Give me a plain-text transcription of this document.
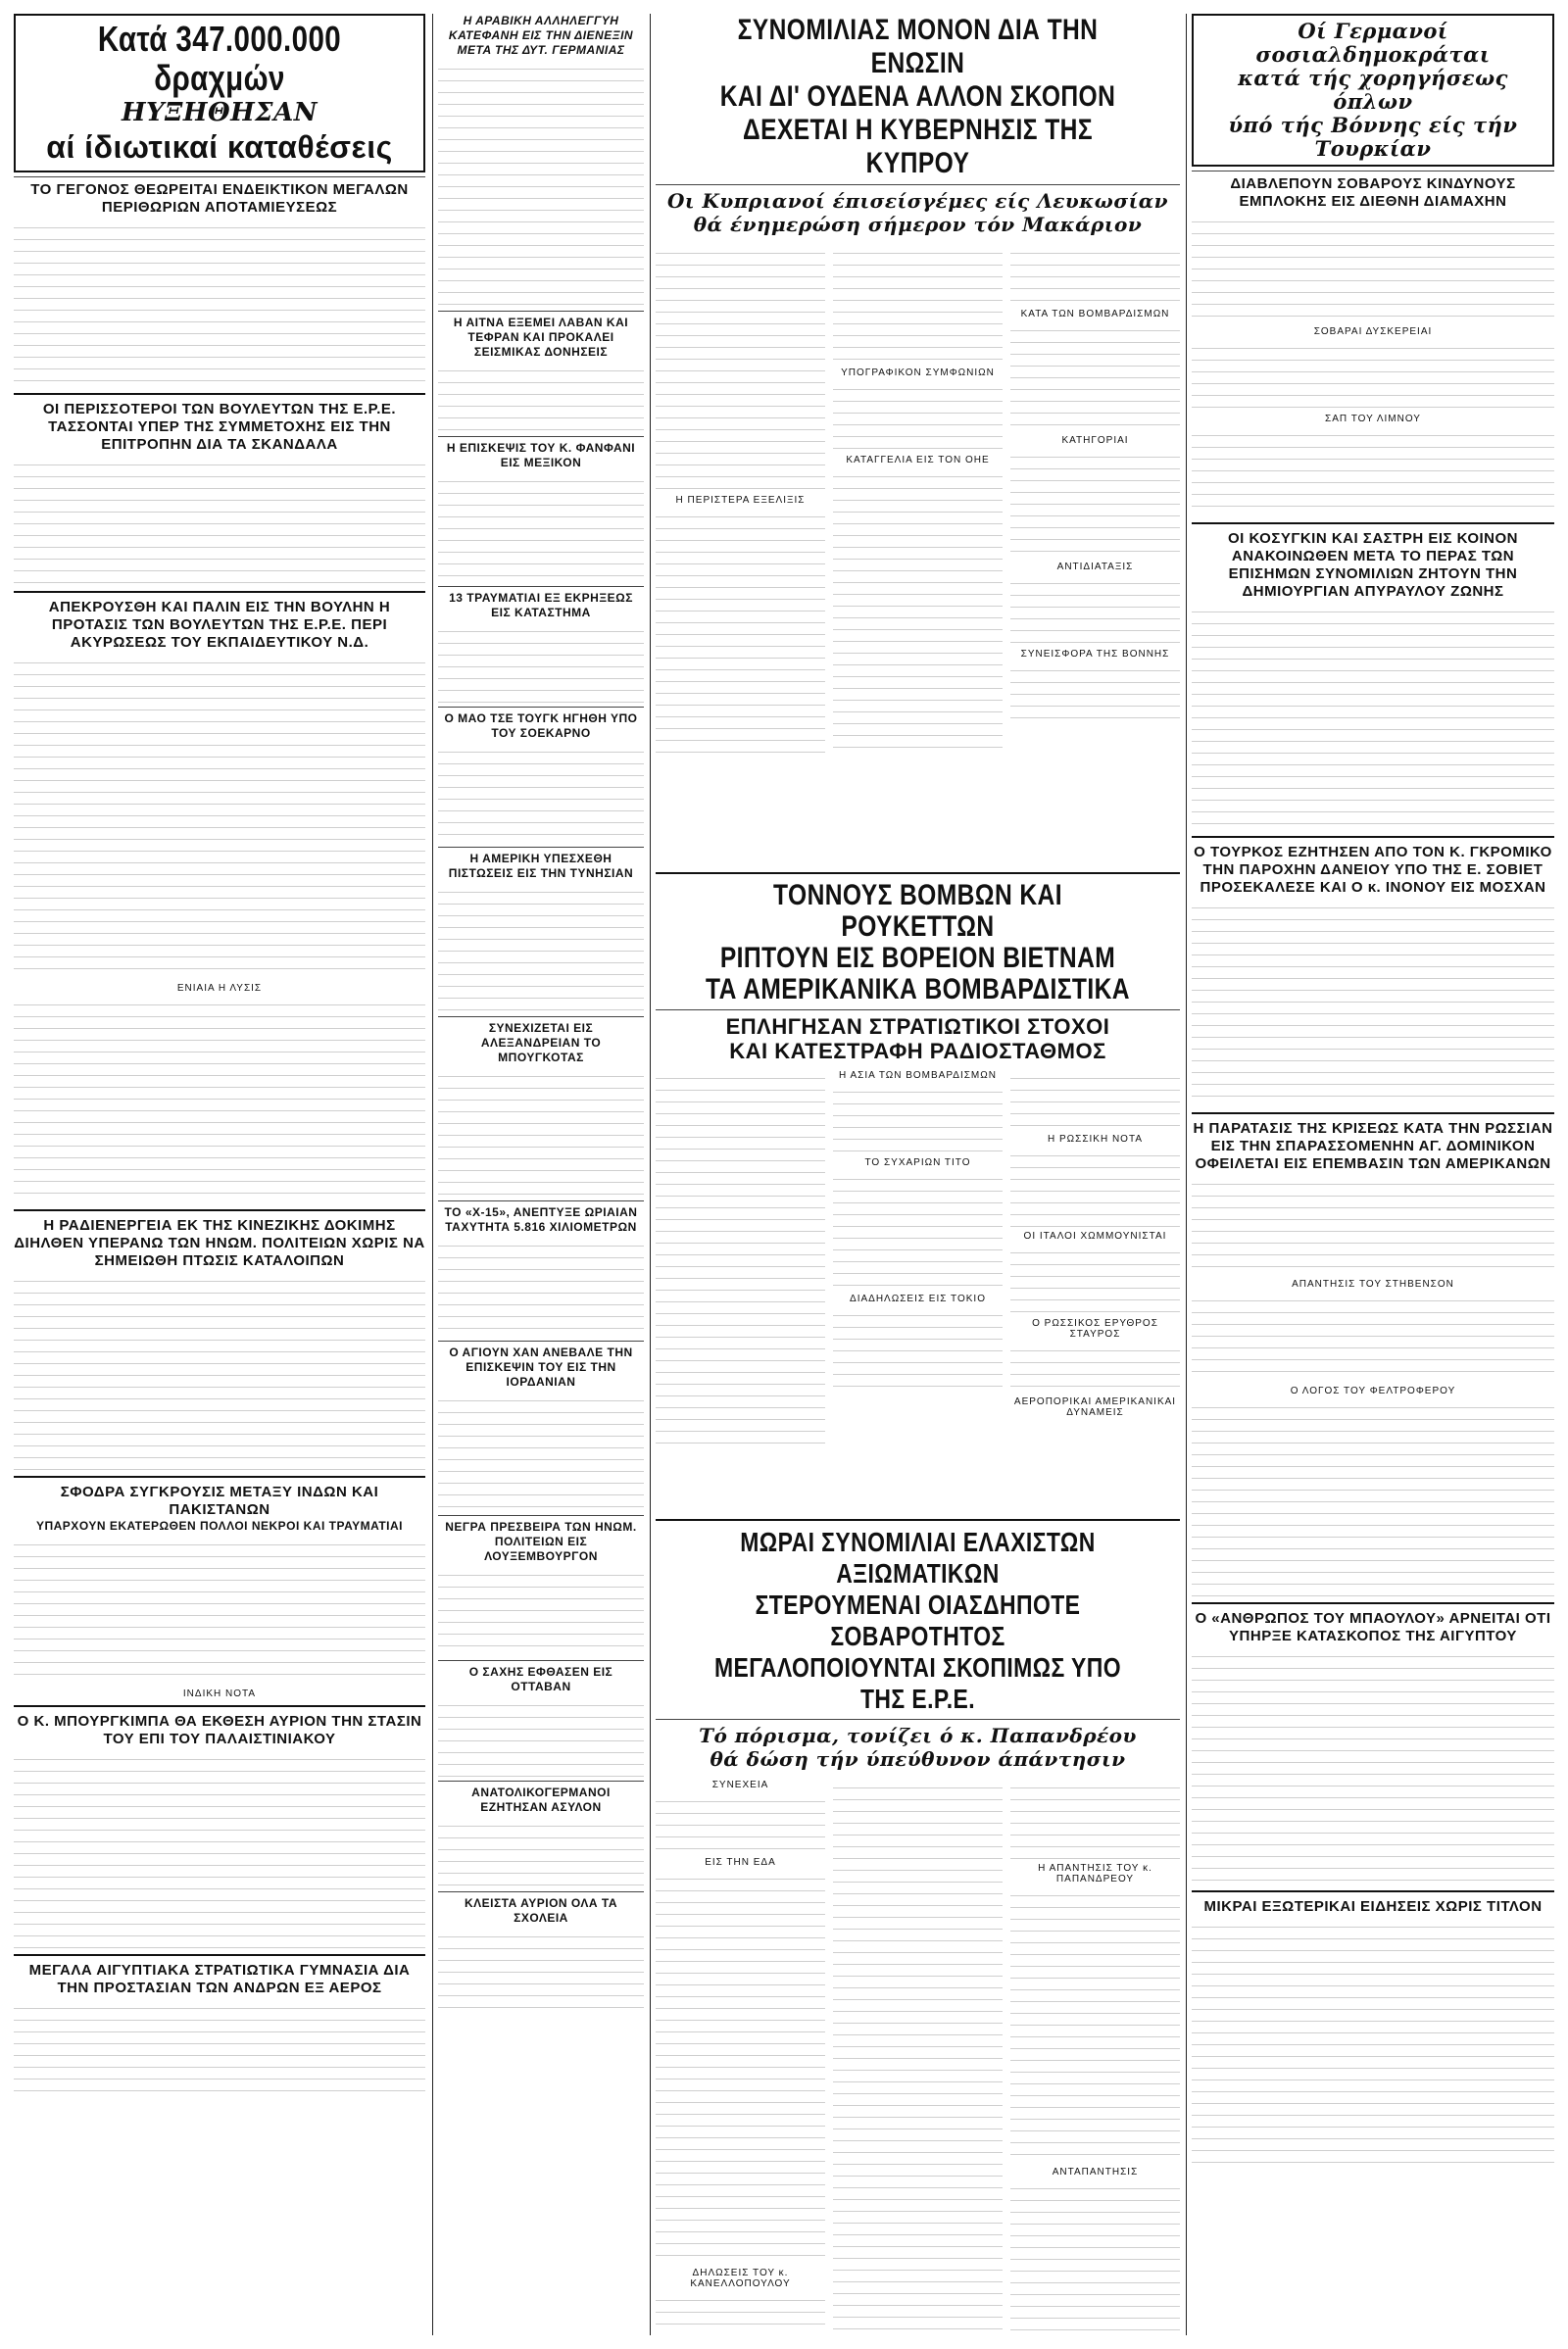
Κατά 347.000.000 δραχμών
ΗΥΞΗΘΗΣΑΝ
αί ίδιωτικαί καταθέσεις
ΤΟ ΓΕΓΟΝΟΣ ΘΕΩΡΕΙΤΑΙ ΕΝΔΕΙΚΤΙΚΟΝ ΜΕΓΑΛΩΝ ΠΕΡΙΘΩΡΙΩΝ ΑΠΟΤΑΜΙΕΥΣΕΩΣ
ΟΙ ΠΕΡΙΣΣΟΤΕΡΟΙ ΤΩΝ ΒΟΥΛΕΥΤΩΝ ΤΗΣ Ε.Ρ.Ε. ΤΑΣΣΟΝΤΑΙ ΥΠΕΡ ΤΗΣ ΣΥΜΜΕΤΟΧΗΣ ΕΙΣ ΤΗΝ ΕΠΙΤΡΟΠΗΝ ΔΙΑ ΤΑ ΣΚΑΝΔΑΛΑ
ΑΠΕΚΡΟΥΣΘΗ ΚΑΙ ΠΑΛΙΝ ΕΙΣ ΤΗΝ ΒΟΥΛΗΝ Η ΠΡΟΤΑΣΙΣ ΤΩΝ ΒΟΥΛΕΥΤΩΝ ΤΗΣ Ε.Ρ.Ε. ΠΕΡΙ ΑΚΥΡΩΣΕΩΣ ΤΟΥ ΕΚΠΑΙΔΕΥΤΙΚΟΥ Ν.Δ.
ΕΝΙΑΙΑ Η ΛΥΣΙΣ
Η ΡΑΔΙΕΝΕΡΓΕΙΑ ΕΚ ΤΗΣ ΚΙΝΕΖΙΚΗΣ ΔΟΚΙΜΗΣ ΔΙΗΛΘΕΝ ΥΠΕΡΑΝΩ ΤΩΝ ΗΝΩΜ. ΠΟΛΙΤΕΙΩΝ ΧΩΡΙΣ ΝΑ ΣΗΜΕΙΩΘΗ ΠΤΩΣΙΣ ΚΑΤΑΛΟΙΠΩΝ
ΣΦΟΔΡΑ ΣΥΓΚΡΟΥΣΙΣ ΜΕΤΑΞΥ ΙΝΔΩΝ ΚΑΙ ΠΑΚΙΣΤΑΝΩΝ
ΥΠΑΡΧΟΥΝ ΕΚΑΤΕΡΩΘΕΝ ΠΟΛΛΟΙ ΝΕΚΡΟΙ ΚΑΙ ΤΡΑΥΜΑΤΙΑΙ
ΙΝΔΙΚΗ ΝΟΤΑ
Ο Κ. ΜΠΟΥΡΓΚΙΜΠΑ ΘΑ ΕΚΘΕΣΗ ΑΥΡΙΟΝ ΤΗΝ ΣΤΑΣΙΝ ΤΟΥ ΕΠΙ ΤΟΥ ΠΑΛΑΙΣΤΙΝΙΑΚΟΥ
ΜΕΓΑΛΑ ΑΙΓΥΠΤΙΑΚΑ ΣΤΡΑΤΙΩΤΙΚΑ ΓΥΜΝΑΣΙΑ ΔΙΑ ΤΗΝ ΠΡΟΣΤΑΣΙΑΝ ΤΩΝ ΑΝΔΡΩΝ ΕΞ ΑΕΡΟΣ
Η ΑΡΑΒΙΚΗ ΑΛΛΗΛΕΓΓΥΗ ΚΑΤΕΦΑΝΗ ΕΙΣ ΤΗΝ ΔΙΕΝΕΞΙΝ ΜΕΤΑ ΤΗΣ ΔΥΤ. ΓΕΡΜΑΝΙΑΣ
Η ΑΙΤΝΑ ΕΞΕΜΕΙ ΛΑΒΑΝ ΚΑΙ ΤΕΦΡΑΝ ΚΑΙ ΠΡΟΚΑΛΕΙ ΣΕΙΣΜΙΚΑΣ ΔΟΝΗΣΕΙΣ
Η ΕΠΙΣΚΕΨΙΣ ΤΟΥ Κ. ΦΑΝΦΑΝΙ ΕΙΣ ΜΕΞΙΚΟΝ
13 ΤΡΑΥΜΑΤΙΑΙ ΕΞ ΕΚΡΗΞΕΩΣ ΕΙΣ ΚΑΤΑΣΤΗΜΑ
Ο ΜΑΟ ΤΣΕ ΤΟΥΓΚ ΗΓΗΘΗ ΥΠΟ ΤΟΥ ΣΟΕΚΑΡΝΟ
Η ΑΜΕΡΙΚΗ ΥΠΕΣΧΕΘΗ ΠΙΣΤΩΣΕΙΣ ΕΙΣ ΤΗΝ ΤΥΝΗΣΙΑΝ
ΣΥΝΕΧΙΖΕΤΑΙ ΕΙΣ ΑΛΕΞΑΝΔΡΕΙΑΝ ΤΟ ΜΠΟΥΓΚΟΤΑΣ
ΤΟ «Χ-15», ΑΝΕΠΤΥΞΕ ΩΡΙΑΙΑΝ ΤΑΧΥΤΗΤΑ 5.816 ΧΙΛΙΟΜΕΤΡΩΝ
Ο ΑΓΙΟΥΝ ΧΑΝ ΑΝΕΒΑΛΕ ΤΗΝ ΕΠΙΣΚΕΨΙΝ ΤΟΥ ΕΙΣ ΤΗΝ ΙΟΡΔΑΝΙΑΝ
ΝΕΓΡΑ ΠΡΕΣΒΕΙΡΑ ΤΩΝ ΗΝΩΜ. ΠΟΛΙΤΕΙΩΝ ΕΙΣ ΛΟΥΞΕΜΒΟΥΡΓΟΝ
Ο ΣΑΧΗΣ ΕΦΘΑΣΕΝ ΕΙΣ ΟΤΤΑΒΑΝ
ΑΝΑΤΟΛΙΚΟΓΕΡΜΑΝΟΙ ΕΖΗΤΗΣΑΝ ΑΣΥΛΟΝ
ΚΛΕΙΣΤΑ ΑΥΡΙΟΝ ΟΛΑ ΤΑ ΣΧΟΛΕΙΑ
ΣΥΝΟΜΙΛΙΑΣ ΜΟΝΟΝ ΔΙΑ ΤΗΝ ΕΝΩΣΙΝ
ΚΑΙ ΔΙ' ΟΥΔΕΝΑ ΑΛΛΟΝ ΣΚΟΠΟΝ
ΔΕΧΕΤΑΙ Η ΚΥΒΕΡΝΗΣΙΣ ΤΗΣ ΚΥΠΡΟΥ
Οι Κυπριανοί έπισείσγέμες είς Λευκωσίαν
θά ένημερώση σήμερον τόν Μακάριον
Η ΠΕΡΙΣΤΕΡΑ ΕΞΕΛΙΞΙΣ
ΥΠΟΓΡΑΦΙΚΟΝ ΣΥΜΦΩΝΙΩΝ
ΚΑΤΑΓΓΕΛΙΑ ΕΙΣ ΤΟΝ ΟΗΕ
ΚΑΤΑ ΤΩΝ ΒΟΜΒΑΡΔΙΣΜΩΝ
ΚΑΤΗΓΟΡΙΑΙ
ΑΝΤΙΔΙΑΤΑΞΙΣ
ΣΥΝΕΙΣΦΟΡΑ ΤΗΣ ΒΟΝΝΗΣ
ΤΟΝΝΟΥΣ ΒΟΜΒΩΝ ΚΑΙ ΡΟΥΚΕΤΤΩΝ
ΡΙΠΤΟΥΝ ΕΙΣ ΒΟΡΕΙΟΝ ΒΙΕΤΝΑΜ
ΤΑ ΑΜΕΡΙΚΑΝΙΚΑ ΒΟΜΒΑΡΔΙΣΤΙΚΑ
ΕΠΛΗΓΗΣΑΝ ΣΤΡΑΤΙΩΤΙΚΟΙ ΣΤΟΧΟΙ
ΚΑΙ ΚΑΤΕΣΤΡΑΦΗ ΡΑΔΙΟΣΤΑΘΜΟΣ
Η ΑΣΙΑ ΤΩΝ ΒΟΜΒΑΡΔΙΣΜΩΝ
ΤΟ ΣΥΧΑΡΙΩΝ ΤΙΤΟ
ΔΙΑΔΗΛΩΣΕΙΣ ΕΙΣ ΤΟΚΙΟ
Η ΡΩΣΣΙΚΗ ΝΟΤΑ
ΟΙ ΙΤΑΛΟΙ ΧΩΜΜΟΥΝΙΣΤΑΙ
Ο ΡΩΣΣΙΚΟΣ ΕΡΥΘΡΟΣ ΣΤΑΥΡΟΣ
ΑΕΡΟΠΟΡΙΚΑΙ ΑΜΕΡΙΚΑΝΙΚΑΙ ΔΥΝΑΜΕΙΣ
ΜΩΡΑΙ ΣΥΝΟΜΙΛΙΑΙ ΕΛΑΧΙΣΤΩΝ ΑΞΙΩΜΑΤΙΚΩΝ
ΣΤΕΡΟΥΜΕΝΑΙ ΟΙΑΣΔΗΠΟΤΕ ΣΟΒΑΡΟΤΗΤΟΣ
ΜΕΓΑΛΟΠΟΙΟΥΝΤΑΙ ΣΚΟΠΙΜΩΣ ΥΠΟ ΤΗΣ Ε.Ρ.Ε.
Τό πόρισμα, τονίζει ό κ. Παπανδρέου
θά δώση τήν ύπεύθυνον άπάντησιν
ΣΥΝΕΧΕΙΑ
ΕΙΣ ΤΗΝ ΕΔΑ
ΔΗΛΩΣΕΙΣ ΤΟΥ κ. ΚΑΝΕΛΛΟΠΟΥΛΟΥ
Η ΑΠΑΝΤΗΣΙΣ ΤΟΥ κ. ΠΑΠΑΝΔΡΕΟΥ
ΑΝΤΑΠΑΝΤΗΣΙΣ
Οί Γερμανοί σοσιαλδημοκράται
κατά τής χορηγήσεως όπλων
ύπό τής Βόννης είς τήν Τουρκίαν
ΔΙΑΒΛΕΠΟΥΝ ΣΟΒΑΡΟΥΣ ΚΙΝΔΥΝΟΥΣ ΕΜΠΛΟΚΗΣ ΕΙΣ ΔΙΕΘΝΗ ΔΙΑΜΑΧΗΝ
ΣΟΒΑΡΑΙ ΔΥΣΚΕΡΕΙΑΙ
ΣΑΠ ΤΟΥ ΛΙΜΝΟΥ
ΟΙ ΚΟΣΥΓΚΙΝ ΚΑΙ ΣΑΣΤΡΗ ΕΙΣ ΚΟΙΝΟΝ ΑΝΑΚΟΙΝΩΘΕΝ ΜΕΤΑ ΤΟ ΠΕΡΑΣ ΤΩΝ ΕΠΙΣΗΜΩΝ ΣΥΝΟΜΙΛΙΩΝ ΖΗΤΟΥΝ ΤΗΝ ΔΗΜΙΟΥΡΓΙΑΝ ΑΠΥΡΑΥΛΟΥ ΖΩΝΗΣ
Ο ΤΟΥΡΚΟΣ ΕΖΗΤΗΣΕΝ ΑΠΟ ΤΟΝ Κ. ΓΚΡΟΜΙΚΟ ΤΗΝ ΠΑΡΟΧΗΝ ΔΑΝΕΙΟΥ ΥΠΟ ΤΗΣ Ε. ΣΟΒΙΕΤ ΠΡΟΣΕΚΑΛΕΣΕ ΚΑΙ Ο κ. ΙΝΟΝΟΥ ΕΙΣ ΜΟΣΧΑΝ
Η ΠΑΡΑΤΑΣΙΣ ΤΗΣ ΚΡΙΣΕΩΣ ΚΑΤΑ ΤΗΝ ΡΩΣΣΙΑΝ ΕΙΣ ΤΗΝ ΣΠΑΡΑΣΣΟΜΕΝΗΝ ΑΓ. ΔΟΜΙΝΙΚΟΝ ΟΦΕΙΛΕΤΑΙ ΕΙΣ ΕΠΕΜΒΑΣΙΝ ΤΩΝ ΑΜΕΡΙΚΑΝΩΝ
ΑΠΑΝΤΗΣΙΣ ΤΟΥ ΣΤΗΒΕΝΣΟΝ
Ο ΛΟΓΟΣ ΤΟΥ ΦΕΛΤΡΟΦΕΡΟΥ
Ο «ΑΝΘΡΩΠΟΣ ΤΟΥ ΜΠΑΟΥΛΟΥ» ΑΡΝΕΙΤΑΙ ΟΤΙ ΥΠΗΡΞΕ ΚΑΤΑΣΚΟΠΟΣ ΤΗΣ ΑΙΓΥΠΤΟΥ
ΜΙΚΡΑΙ ΕΞΩΤΕΡΙΚΑΙ ΕΙΔΗΣΕΙΣ ΧΩΡΙΣ ΤΙΤΛΟΝ
